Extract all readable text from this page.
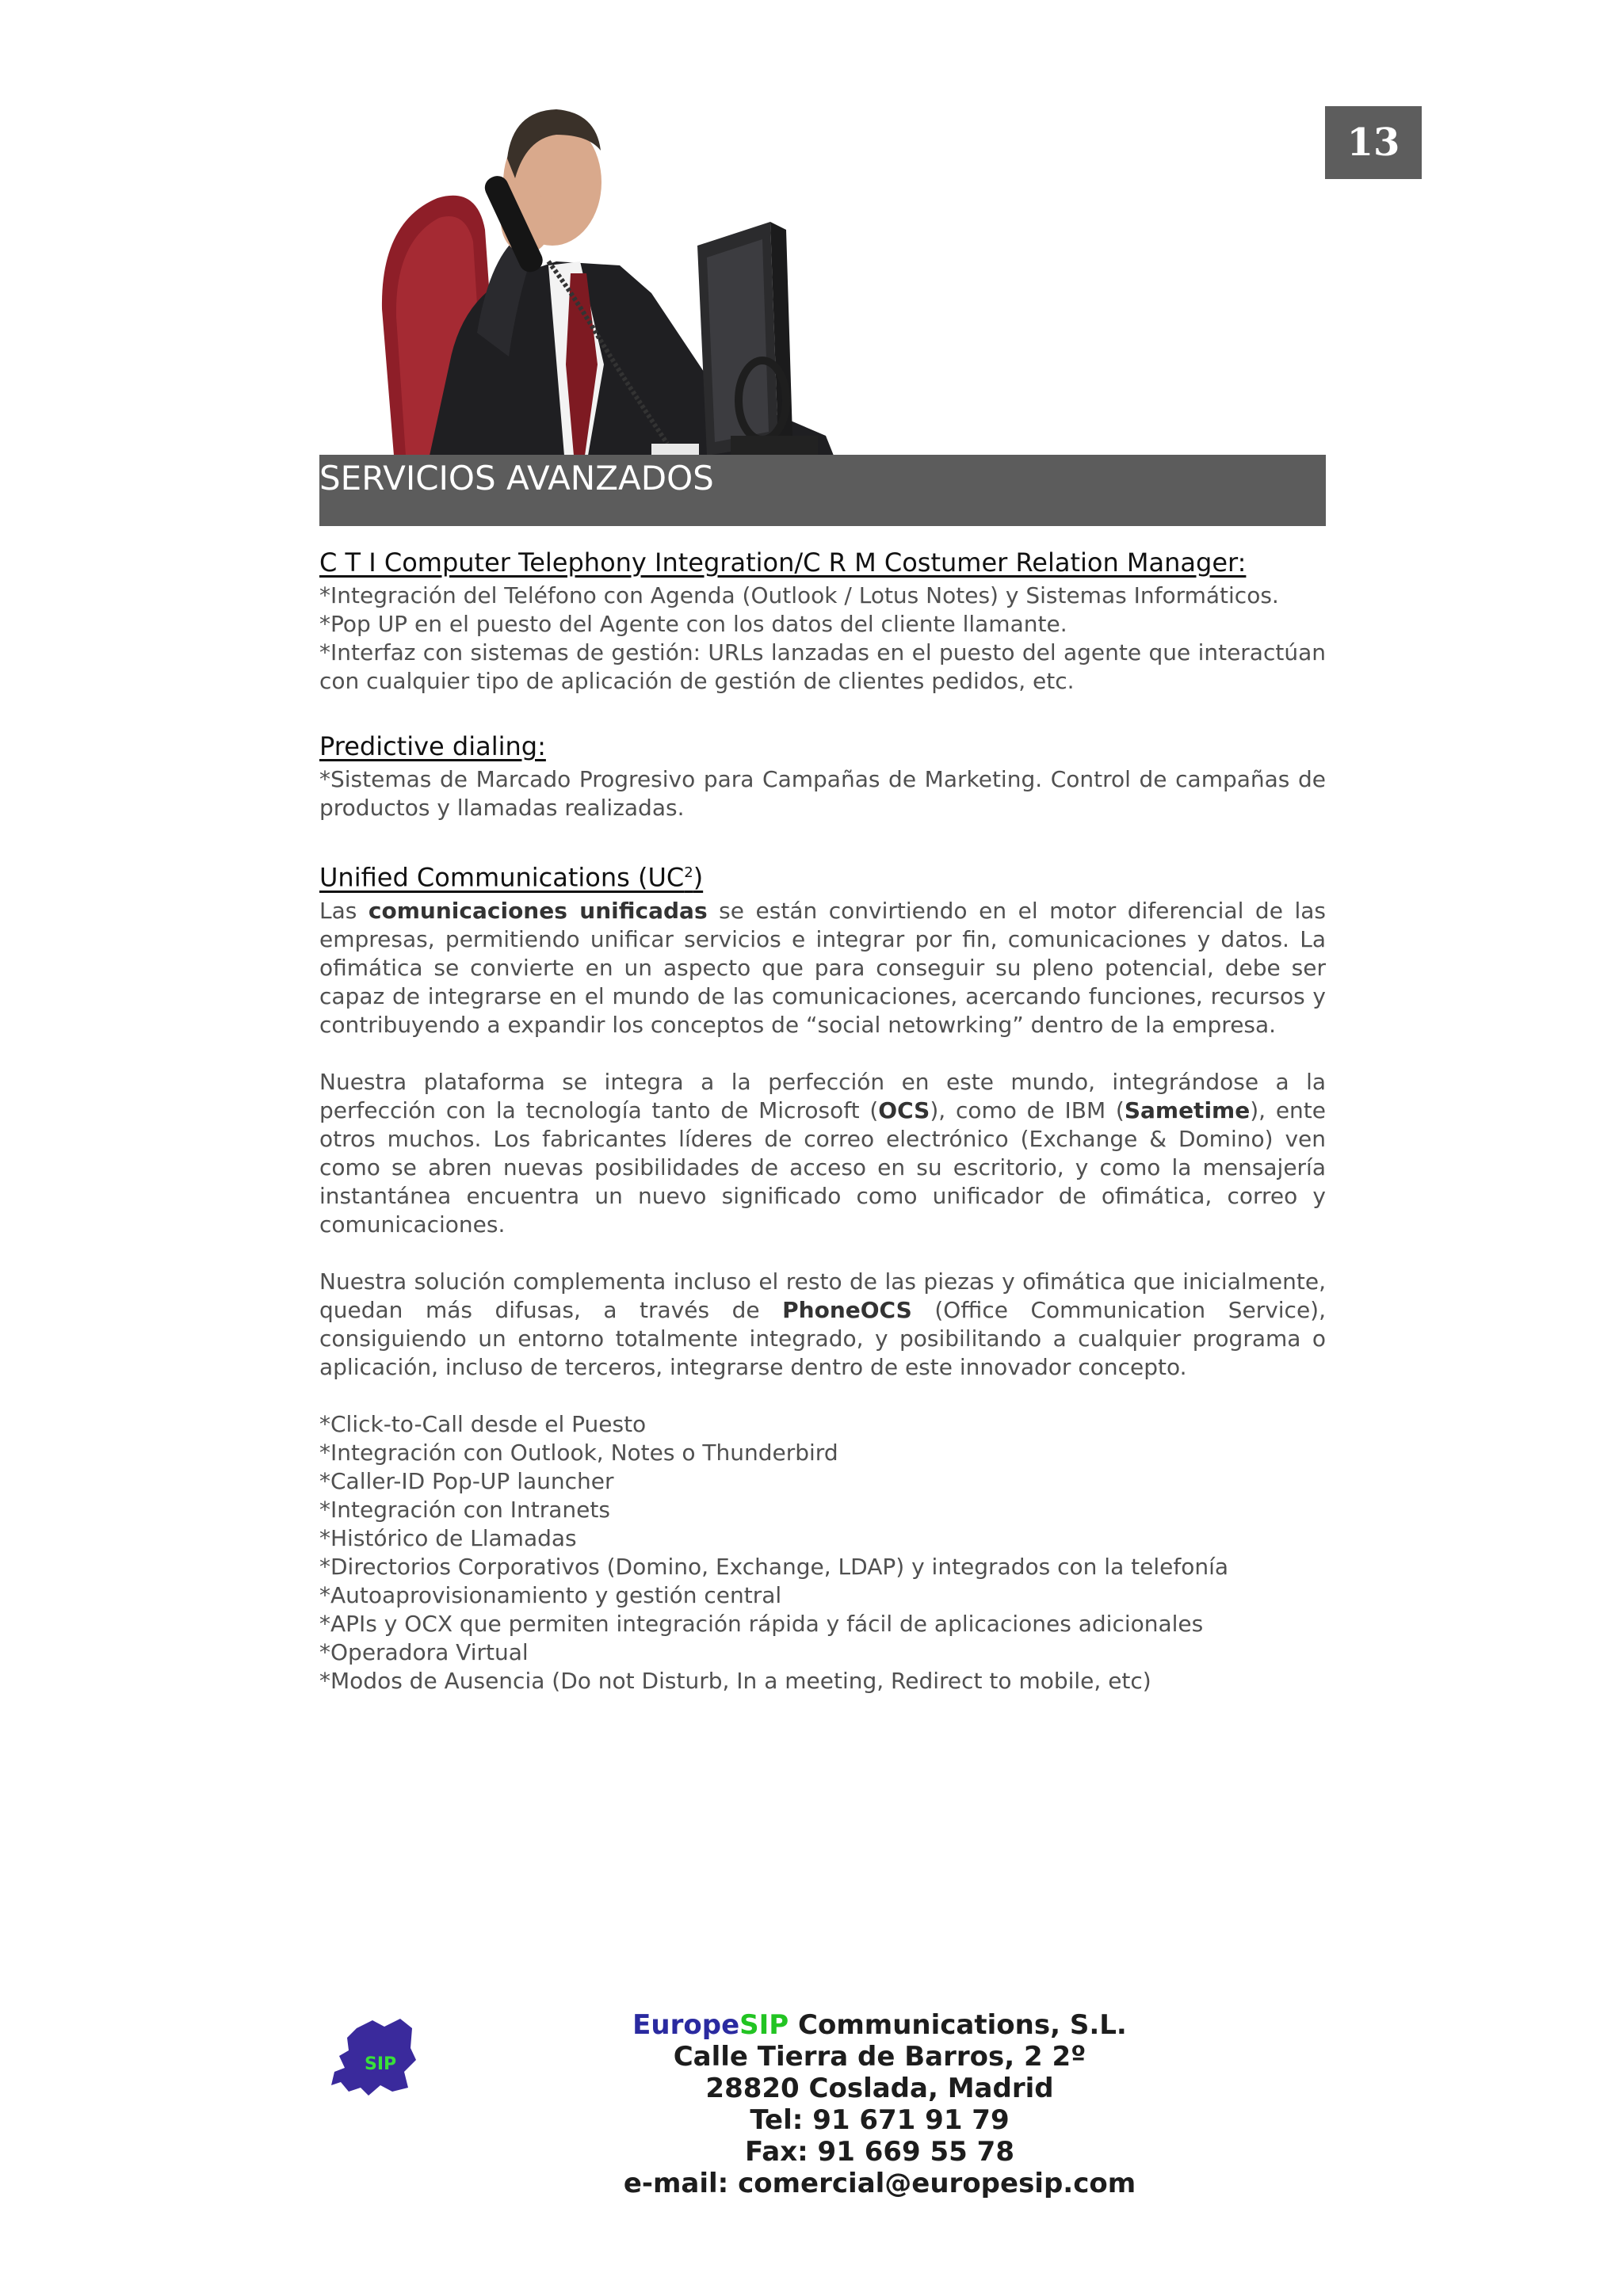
13
SERVICIOS AVANZADOS
C T I Computer Telephony Integration/C R M Costumer Relation Manager:

*Integración del Teléfono con Agenda (Outlook / Lotus Notes) y Sistemas Informáticos.

*Pop UP en el puesto del Agente con los datos del cliente llamante.

*Interfaz con sistemas de gestión: URLs lanzadas en el puesto del agente que interactúan con cualquier tipo de aplicación de gestión de clientes pedidos, etc.

Predictive dialing:

*Sistemas de Marcado Progresivo para Campañas de Marketing. Control de campañas de productos y llamadas realizadas.

Unified Communications $(UC^2)$

Las comunicaciones unificadas se están convirtiendo en el motor diferencial de las empresas, permitiendo unificar servicios e integrar por fin, comunicaciones y datos. La ofimática se convierte en un aspecto que para conseguir su pleno potencial, debe ser capaz de integrarse en el mundo de las comunicaciones, acercando funciones, recursos y contribuyendo a expandir los conceptos de “social netowrking” dentro de la empresa.

Nuestra plataforma se integra a la perfección en este mundo, integrándose a la perfección con la tecnología tanto de Microsoft (OCS), como de IBM (Sametime), ente otros muchos. Los fabricantes líderes de correo electrónico (Exchange & Domino) ven como se abren nuevas posibilidades de acceso en su escritorio, y como la mensajería instantánea encuentra un nuevo significado como unificador de ofimática, correo y comunicaciones.

Nuestra solución complementa incluso el resto de las piezas y ofimática que inicialmente, quedan más difusas, a través de PhoneOCS (Office Communication Service), consiguiendo un entorno totalmente integrado, y posibilitando a cualquier programa o aplicación, incluso de terceros, integrarse dentro de este innovador concepto.

*Click-to-Call desde el Puesto

*Integración con Outlook, Notes o Thunderbird

*Caller-ID Pop-UP launcher

*Integración con Intranets

*Histórico de Llamadas

*Directorios Corporativos (Domino, Exchange, LDAP) y integrados con la telefonía

*Autoaprovisionamiento y gestión central

*APIs y OCX que permiten integración rápida y fácil de aplicaciones adicionales

*Operadora Virtual

*Modos de Ausencia (Do not Disturb, In a meeting, Redirect to mobile, etc)

SIP
EuropeSIP Communications, S.L.
Calle Tierra de Barros, 2 2º
28820 Coslada, Madrid
Tel: 91 671 91 79
Fax: 91 669 55 78
e-mail: comercial@europesip.com
